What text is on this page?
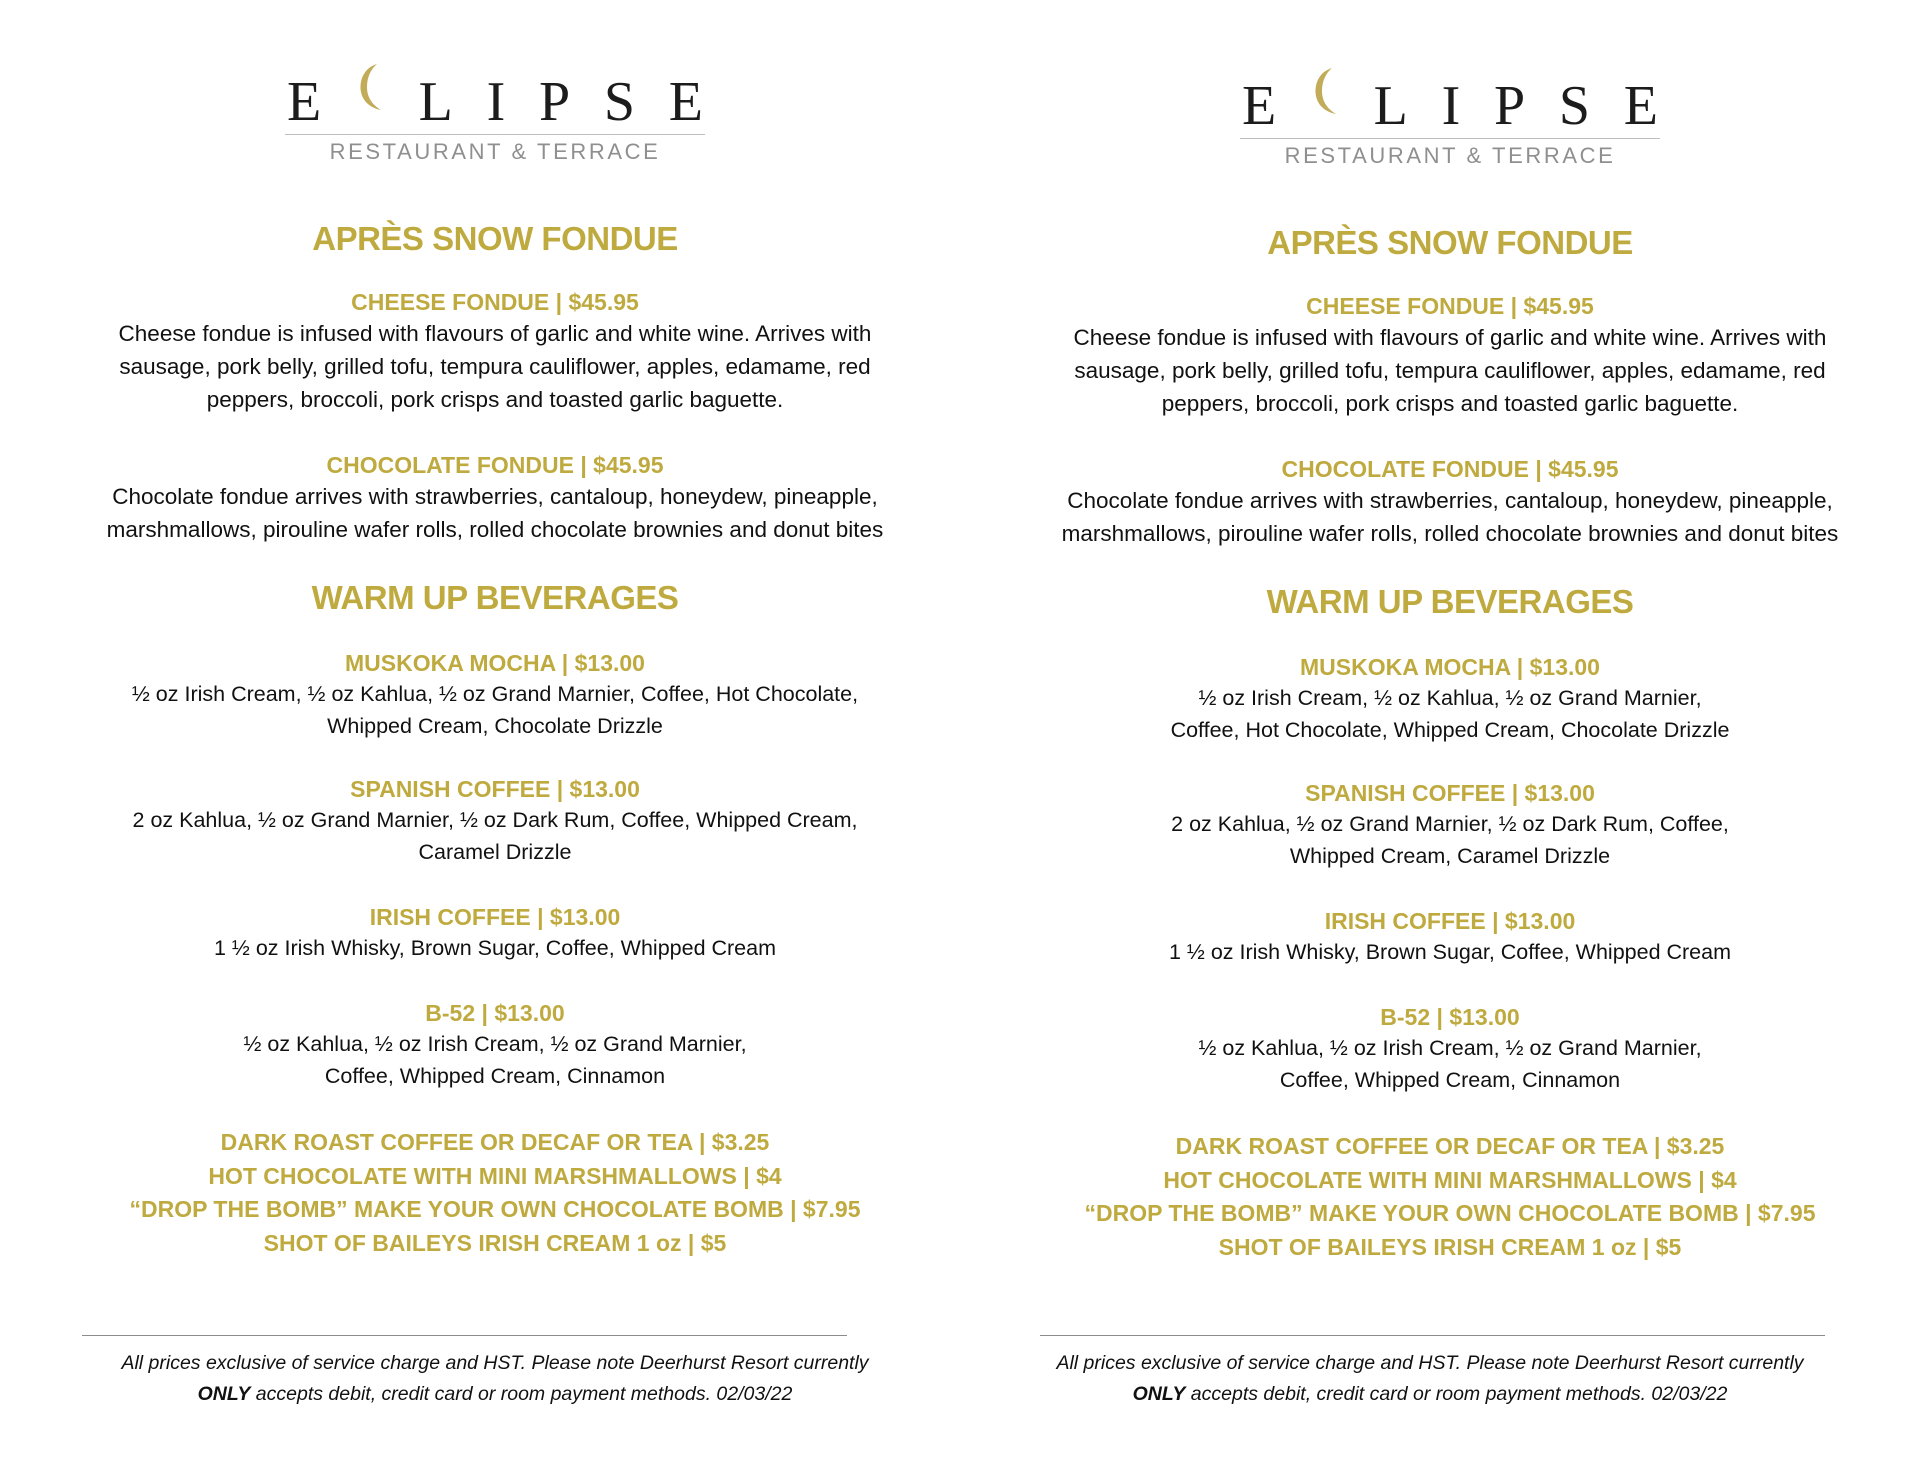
E L I P S E
RESTAURANT & TERRACE
APRÈS SNOW FONDUE
CHEESE FONDUE | $45.95

Cheese fondue is infused with flavours of garlic and white wine. Arrives with

sausage, pork belly, grilled tofu, tempura cauliflower, apples, edamame, red

peppers, broccoli, pork crisps and toasted garlic baguette.

CHOCOLATE FONDUE | $45.95

Chocolate fondue arrives with strawberries, cantaloup, honeydew, pineapple,

marshmallows, pirouline wafer rolls, rolled chocolate brownies and donut bites

WARM UP BEVERAGES
MUSKOKA MOCHA | $13.00

½ oz Irish Cream, ½ oz Kahlua, ½ oz Grand Marnier, Coffee, Hot Chocolate,

Whipped Cream, Chocolate Drizzle

SPANISH COFFEE | $13.00

2 oz Kahlua, ½ oz Grand Marnier, ½ oz Dark Rum, Coffee, Whipped Cream,

Caramel Drizzle

IRISH COFFEE | $13.00

1 ½ oz Irish Whisky, Brown Sugar, Coffee, Whipped Cream

B-52 | $13.00

½ oz Kahlua, ½ oz Irish Cream, ½ oz Grand Marnier,

Coffee, Whipped Cream, Cinnamon

DARK ROAST COFFEE OR DECAF OR TEA | $3.25

HOT CHOCOLATE WITH MINI MARSHMALLOWS | $4

“DROP THE BOMB” MAKE YOUR OWN CHOCOLATE BOMB | $7.95

SHOT OF BAILEYS IRISH CREAM 1 oz | $5

All prices exclusive of service charge and HST. Please note Deerhurst Resort currently

ONLY accepts debit, credit card or room payment methods. 02/03/22

E L I P S E
RESTAURANT & TERRACE
APRÈS SNOW FONDUE
CHEESE FONDUE | $45.95

Cheese fondue is infused with flavours of garlic and white wine. Arrives with

sausage, pork belly, grilled tofu, tempura cauliflower, apples, edamame, red

peppers, broccoli, pork crisps and toasted garlic baguette.

CHOCOLATE FONDUE | $45.95

Chocolate fondue arrives with strawberries, cantaloup, honeydew, pineapple,

marshmallows, pirouline wafer rolls, rolled chocolate brownies and donut bites

WARM UP BEVERAGES
MUSKOKA MOCHA | $13.00

½ oz Irish Cream, ½ oz Kahlua, ½ oz Grand Marnier,

Coffee, Hot Chocolate, Whipped Cream, Chocolate Drizzle

SPANISH COFFEE | $13.00

2 oz Kahlua, ½ oz Grand Marnier, ½ oz Dark Rum, Coffee,

Whipped Cream, Caramel Drizzle

IRISH COFFEE | $13.00

1 ½ oz Irish Whisky, Brown Sugar, Coffee, Whipped Cream

B-52 | $13.00

½ oz Kahlua, ½ oz Irish Cream, ½ oz Grand Marnier,

Coffee, Whipped Cream, Cinnamon

DARK ROAST COFFEE OR DECAF OR TEA | $3.25

HOT CHOCOLATE WITH MINI MARSHMALLOWS | $4

“DROP THE BOMB” MAKE YOUR OWN CHOCOLATE BOMB | $7.95

SHOT OF BAILEYS IRISH CREAM 1 oz | $5

All prices exclusive of service charge and HST. Please note Deerhurst Resort currently

ONLY accepts debit, credit card or room payment methods. 02/03/22
